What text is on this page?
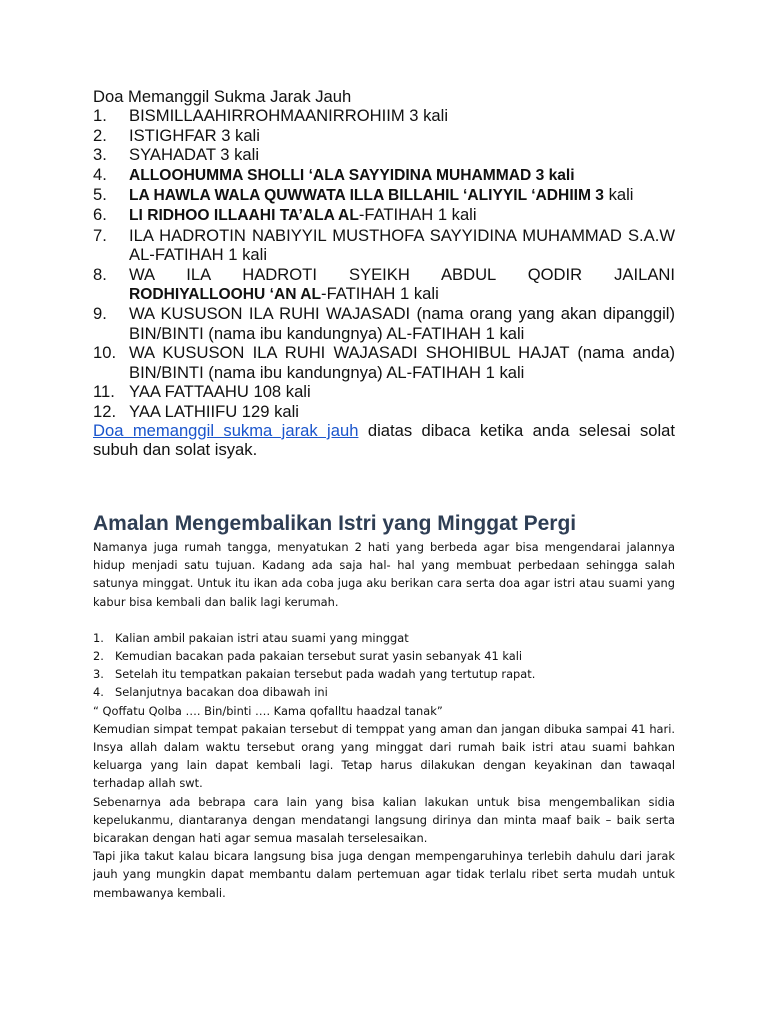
Doa Memanggil Sukma Jarak Jauh

1.	BISMILLAAHIRROHMAANIRROHIIM 3 kali
2.	ISTIGHFAR 3 kali
3.	SYAHADAT 3 kali
4.	ALLOOHUMMA SHOLLI ‘ALA SAYYIDINA MUHAMMAD 3 kali
5.	LA HAWLA WALA QUWWATA ILLA BILLAHIL ‘ALIYYIL ‘ADHIIM 3 kali
6.	LI RIDHOO ILLAAHI TA’ALA AL-FATIHAH 1 kali
7.	ILA HADROTIN NABIYYIL MUSTHOFA SAYYIDINA MUHAMMAD S.A.W AL-FATIHAH 1 kali
8.	WA ILA HADROTI SYEIKH ABDUL QODIR JAILANI
RODHIYALLOOHU ‘AN AL-FATIHAH 1 kali
9.	WA KUSUSON ILA RUHI WAJASADI (nama orang yang akan dipanggil) BIN/BINTI (nama ibu kandungnya) AL-FATIHAH 1 kali
10. WA KUSUSON ILA RUHI WAJASADI SHOHIBUL HAJAT (nama anda) BIN/BINTI (nama ibu kandungnya) AL-FATIHAH 1 kali
11. YAA FATTAAHU 108 kali
12. YAA LATHIIFU 129 kali

Doa memanggil sukma jarak jauh diatas dibaca ketika anda selesai solat subuh dan solat isyak.

Amalan Mengembalikan Istri yang Minggat Pergi

Namanya juga rumah tangga, menyatukan 2 hati yang berbeda agar bisa mengendarai jalannya hidup menjadi satu tujuan. Kadang ada saja hal- hal yang membuat perbedaan sehingga salah satunya minggat. Untuk itu ikan ada coba juga aku berikan cara serta doa agar istri atau suami yang kabur bisa kembali dan balik lagi kerumah.

1. Kalian ambil pakaian istri atau suami yang minggat
2. Kemudian bacakan pada pakaian tersebut surat yasin sebanyak 41 kali
3. Setelah itu tempatkan pakaian tersebut pada wadah yang tertutup rapat.
4. Selanjutnya bacakan doa dibawah ini

“ Qoffatu Qolba …. Bin/binti …. Kama qofalltu haadzal tanak”

Kemudian simpat tempat pakaian tersebut di temppat yang aman dan jangan dibuka sampai 41 hari. Insya allah dalam waktu tersebut orang yang minggat dari rumah baik istri atau suami bahkan keluarga yang lain dapat kembali lagi. Tetap harus dilakukan dengan keyakinan dan tawaqal terhadap allah swt.

Sebenarnya ada bebrapa cara lain yang bisa kalian lakukan untuk bisa mengembalikan sidia kepelukanmu, diantaranya dengan mendatangi langsung dirinya dan minta maaf baik – baik serta bicarakan dengan hati agar semua masalah terselesaikan.

Tapi jika takut kalau bicara langsung bisa juga dengan mempengaruhinya terlebih dahulu dari jarak jauh yang mungkin dapat membantu dalam pertemuan agar tidak terlalu ribet serta mudah untuk membawanya kembali.
